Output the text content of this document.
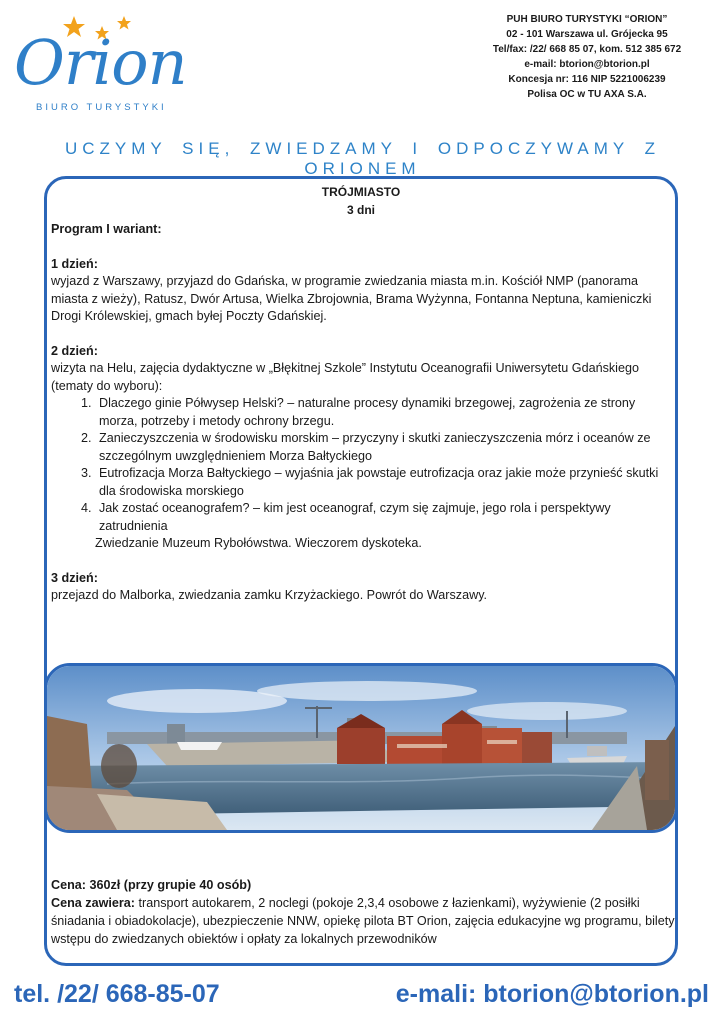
Orion
BIURO TURYSTYKI
PUH BIURO TURYSTYKI “ORION”
02 - 101 Warszawa ul. Grójecka 95
Tel/fax: /22/ 668 85 07, kom. 512 385 672
e-mail: btorion@btorion.pl
Koncesja nr: 116 NIP 5221006239
Polisa OC w TU AXA S.A.
UCZYMY SIĘ, ZWIEDZAMY I ODPOCZYWAMY Z ORIONEM

TRÓJMIASTO

3 dni

Program I wariant:

1 dzień:

wyjazd z Warszawy, przyjazd do Gdańska, w programie zwiedzania miasta m.in. Kościół NMP (panorama miasta z wieży), Ratusz, Dwór Artusa, Wielka Zbrojownia, Brama Wyżynna, Fontanna Neptuna, kamieniczki Drogi Królewskiej, gmach byłej Poczty Gdańskiej.

2 dzień:

wizyta na Helu, zajęcia dydaktyczne w „Błękitnej Szkole” Instytutu Oceanografii Uniwersytetu Gdańskiego (tematy do wyboru):

1. Dlaczego ginie Półwysep Helski? – naturalne procesy dynamiki brzegowej, zagrożenia ze strony morza, potrzeby i metody ochrony brzegu.
2. Zanieczyszczenia w środowisku morskim – przyczyny i skutki zanieczyszczenia mórz i oceanów ze szczególnym uwzględnieniem Morza Bałtyckiego
3. Eutrofizacja Morza Bałtyckiego – wyjaśnia jak powstaje eutrofizacja oraz jakie może przynieść skutki dla środowiska morskiego
4. Jak zostać oceanografem? – kim jest oceanograf, czym się zajmuje, jego rola i perspektywy zatrudnienia

Zwiedzanie Muzeum Rybołówstwa. Wieczorem dyskoteka.

3 dzień:

przejazd do Malborka, zwiedzania zamku Krzyżackiego. Powrót do Warszawy.

Cena: 360zł (przy grupie 40 osób)

Cena zawiera: transport autokarem, 2 noclegi (pokoje 2,3,4 osobowe z łazienkami), wyżywienie (2 posiłki śniadania i obiadokolacje), ubezpieczenie NNW, opiekę pilota BT Orion, zajęcia edukacyjne wg programu, bilety wstępu do zwiedzanych obiektów i opłaty za lokalnych przewodników

tel. /22/ 668-85-07	e-mali: btorion@btorion.pl
